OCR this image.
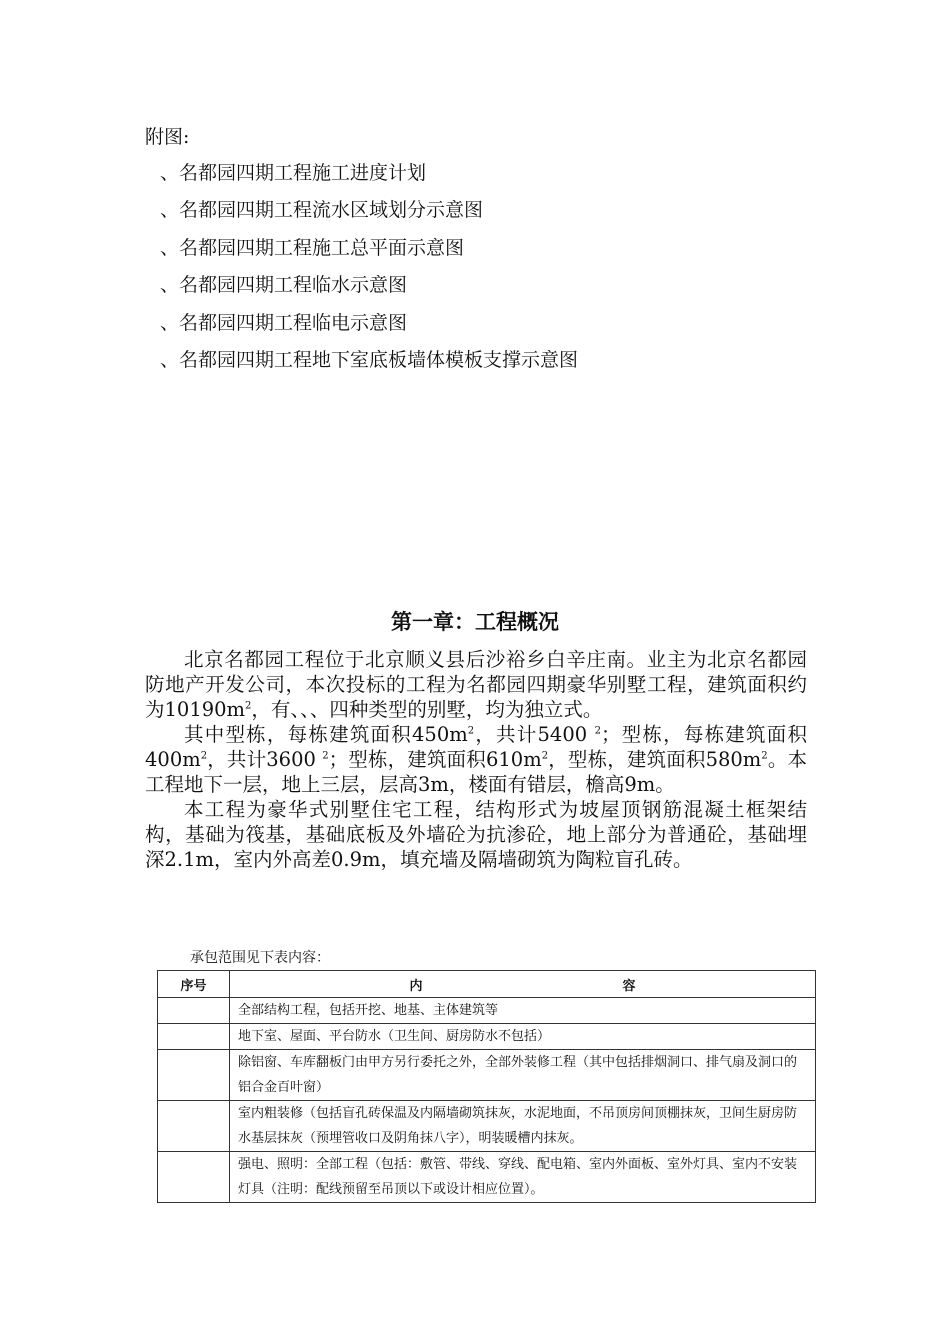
附图:
、名都园四期工程施工进度计划
、名都园四期工程流水区域划分示意图
、名都园四期工程施工总平面示意图
、名都园四期工程临水示意图
、名都园四期工程临电示意图
、名都园四期工程地下室底板墙体模板支撑示意图
第一章：工程概况

北京名都园工程位于北京顺义县后沙裕乡白辛庄南。业主为北京名都园防地产开发公司，本次投标的工程为名都园四期豪华别墅工程，建筑面积约为$10190m^2$，有、、、四种类型的别墅，均为独立式。

其中型栋，每栋建筑面积$450m^2$，共计5400 $^2$；型栋，每栋建筑面积$400m^2$，共计3600 $^2$；型栋，建筑面积$610m^2$，型栋，建筑面积$580m^2$。本工程地下一层，地上三层，层高3m，楼面有错层，檐高9m。

本工程为豪华式别墅住宅工程，结构形式为坡屋顶钢筋混凝土框架结构，基础为筏基，基础底板及外墙砼为抗渗砼，地上部分为普通砼，基础埋深2.1m，室内外高差0.9m，填充墙及隔墙砌筑为陶粒盲孔砖。

承包范围见下表内容：
序号	内 容
	全部结构工程，包括开挖、地基、主体建筑等
	地下室、屋面、平台防水（卫生间、厨房防水不包括）
	除铝窗、车库翻板门由甲方另行委托之外，全部外装修工程（其中包括排烟洞口、排气扇及洞口的铝合金百叶窗）
	室内粗装修（包括盲孔砖保温及内隔墙砌筑抹灰，水泥地面，不吊顶房间顶棚抹灰，卫间生厨房防水基层抹灰（预埋管收口及阴角抹八字），明装暖槽内抹灰。
	强电、照明：全部工程（包括：敷管、带线、穿线、配电箱、室内外面板、室外灯具、室内不安装灯具（注明：配线预留至吊顶以下或设计相应位置）。
